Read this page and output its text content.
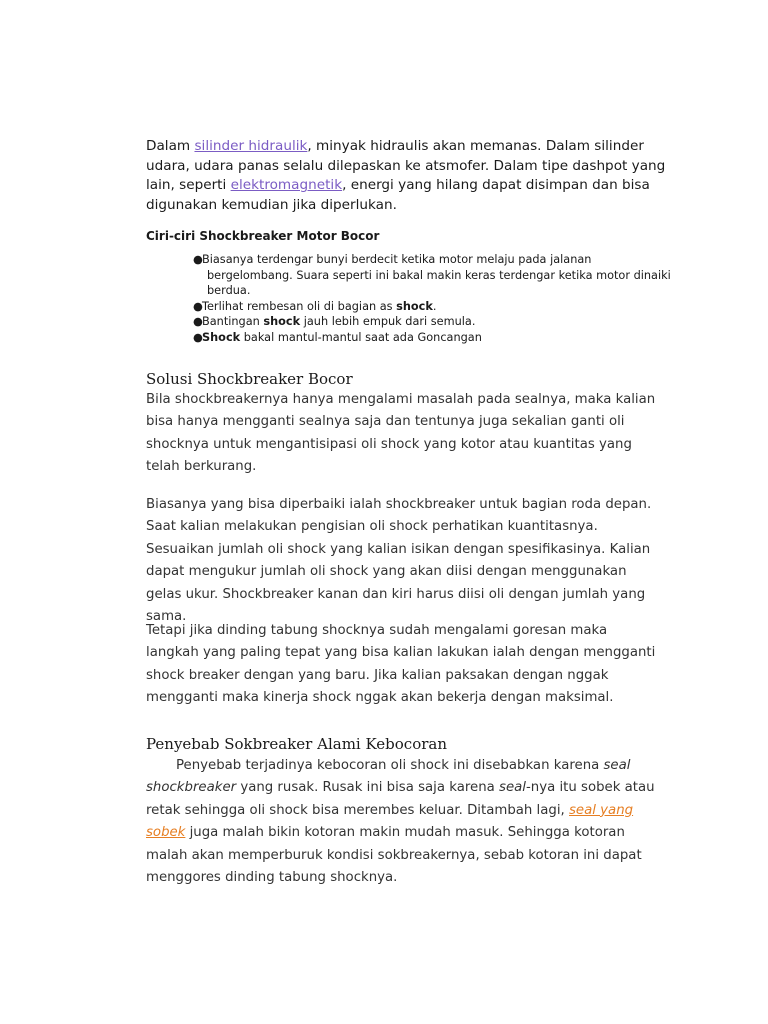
Dalam silinder hidraulik, minyak hidraulis akan memanas. Dalam silinder udara, udara panas selalu dilepaskan ke atsmofer. Dalam tipe dashpot yang lain, seperti elektromagnetik, energi yang hilang dapat disimpan dan bisa digunakan kemudian jika diperlukan.
Ciri-ciri Shockbreaker Motor Bocor
●Biasanya terdengar bunyi berdecit ketika motor melaju pada jalanan bergelombang. Suara seperti ini bakal makin keras terdengar ketika motor dinaiki berdua.
●Terlihat rembesan oli di bagian as shock.
●Bantingan shock jauh lebih empuk dari semula.
●Shock bakal mantul-mantul saat ada Goncangan
Solusi Shockbreaker Bocor
Bila shockbreakernya hanya mengalami masalah pada sealnya, maka kalian bisa hanya mengganti sealnya saja dan tentunya juga sekalian ganti oli shocknya untuk mengantisipasi oli shock yang kotor atau kuantitas yang telah berkurang.
Biasanya yang bisa diperbaiki ialah shockbreaker untuk bagian roda depan. Saat kalian melakukan pengisian oli shock perhatikan kuantitasnya. Sesuaikan jumlah oli shock yang kalian isikan dengan spesifikasinya. Kalian dapat mengukur jumlah oli shock yang akan diisi dengan menggunakan gelas ukur. Shockbreaker kanan dan kiri harus diisi oli dengan jumlah yang sama.
Tetapi jika dinding tabung shocknya sudah mengalami goresan maka langkah yang paling tepat yang bisa kalian lakukan ialah dengan mengganti shock breaker dengan yang baru. Jika kalian paksakan dengan nggak mengganti maka kinerja shock nggak akan bekerja dengan maksimal.
Penyebab Sokbreaker Alami Kebocoran
Penyebab terjadinya kebocoran oli shock ini disebabkan karena seal shockbreaker yang rusak. Rusak ini bisa saja karena seal-nya itu sobek atau retak sehingga oli shock bisa merembes keluar. Ditambah lagi, seal yang sobek juga malah bikin kotoran makin mudah masuk. Sehingga kotoran malah akan memperburuk kondisi sokbreakernya, sebab kotoran ini dapat menggores dinding tabung shocknya.
